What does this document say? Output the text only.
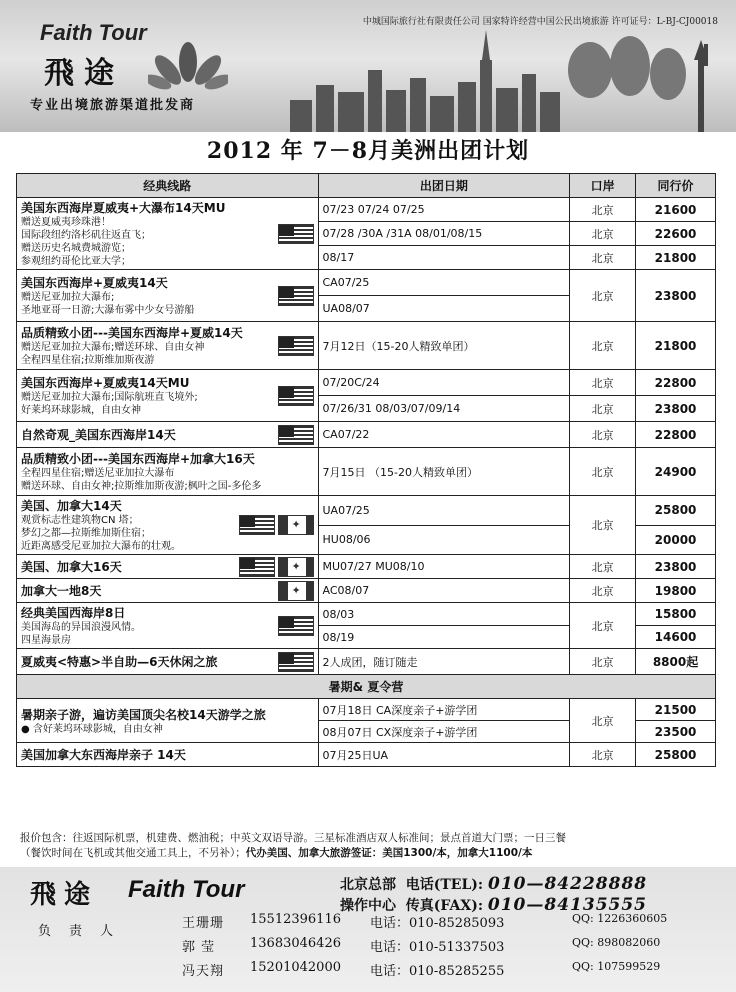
中城国际旅行社有限责任公司 国家特许经营中国公民出境旅游 许可证号：L-BJ-CJ00018
Faith Tour
飛途
专业出境旅游渠道批发商
2012 年 7－8月美洲出团计划
经典线路	出团日期	口岸	同行价

美国东西海岸夏威夷+大瀑布14天MU
赠送夏威夷珍珠港！
国际段纽约洛杉矶往返直飞；
赠送历史名城费城游览；
参观纽约哥伦比亚大学；	07/23 07/24 07/25	北京	21600
	07/28 /30A /31A 08/01/08/15	北京	22600
	08/17	北京	21800

美国东西海岸+夏威夷14天
赠送尼亚加拉大瀑布;
圣地亚哥一日游;大瀑布雾中少女号游船	CA07/25	北京	23800
	UA08/07		

品质精致小团---美国东西海岸+夏威14天
赠送尼亚加拉大瀑布;赠送环球、自由女神
全程四星住宿;拉斯维加斯夜游	7月12日（15-20人精致单团）	北京	21800

美国东西海岸+夏威夷14天MU
赠送尼亚加拉大瀑布;国际航班直飞境外;
好莱坞环球影城，自由女神	07/20C/24	北京	22800
	07/26/31 08/03/07/09/14	北京	23800

自然奇观_美国东西海岸14天	CA07/22	北京	22800

品质精致小团---美国东西海岸+加拿大16天
全程四星住宿;赠送尼亚加拉大瀑布
赠送环球、自由女神;拉斯维加斯夜游;枫叶之国-多伦多	7月15日 （15-20人精致单团）	北京	24900

美国、加拿大14天
观赏标志性建筑物CN 塔；
梦幻之都—拉斯维加斯住宿；
近距离感受尼亚加拉大瀑布的壮观。
✦	UA07/25	北京	25800
	HU08/06		20000

美国、加拿大16天
✦	MU07/27 MU08/10	北京	23800

加拿大一地8天
✦	AC08/07	北京	19800

经典美国西海岸8日
美国海岛的异国浪漫风情。
四星海景房	08/03	北京	15800
	08/19		14600

夏威夷<特惠>半自助—6天休闲之旅	2人成团，随订随走	北京	8800起
暑期& 夏令营			

暑期亲子游，遍访美国顶尖名校14天游学之旅
● 含好莱坞环球影城，自由女神	07月18日 CA深度亲子+游学团	北京	21500
	08月07日 CX深度亲子+游学团		23500

美国加拿大东西海岸亲子 14天	07月25日UA	北京	25800
报价包含：往返国际机票，机建费、燃油税；中英文双语导游。三星标准酒店双人标准间；景点首道大门票；一日三餐
（餐饮时间在飞机或其他交通工具上，不另补）；代办美国、加拿大旅游签证：美国1300/本，加拿大1100/本
飛途 Faith Tour	北京总部 电话(TEL): 010—84228888
操作中心 传真(FAX): 010—84135555
负责人
王珊珊 15512396116 电话：010-85285093	QQ: 1226360605
郭 莹	13683046426 电话：010-51337503	QQ: 898082060
冯天翔 15201042000 电话：010-85285255	QQ: 107599529
